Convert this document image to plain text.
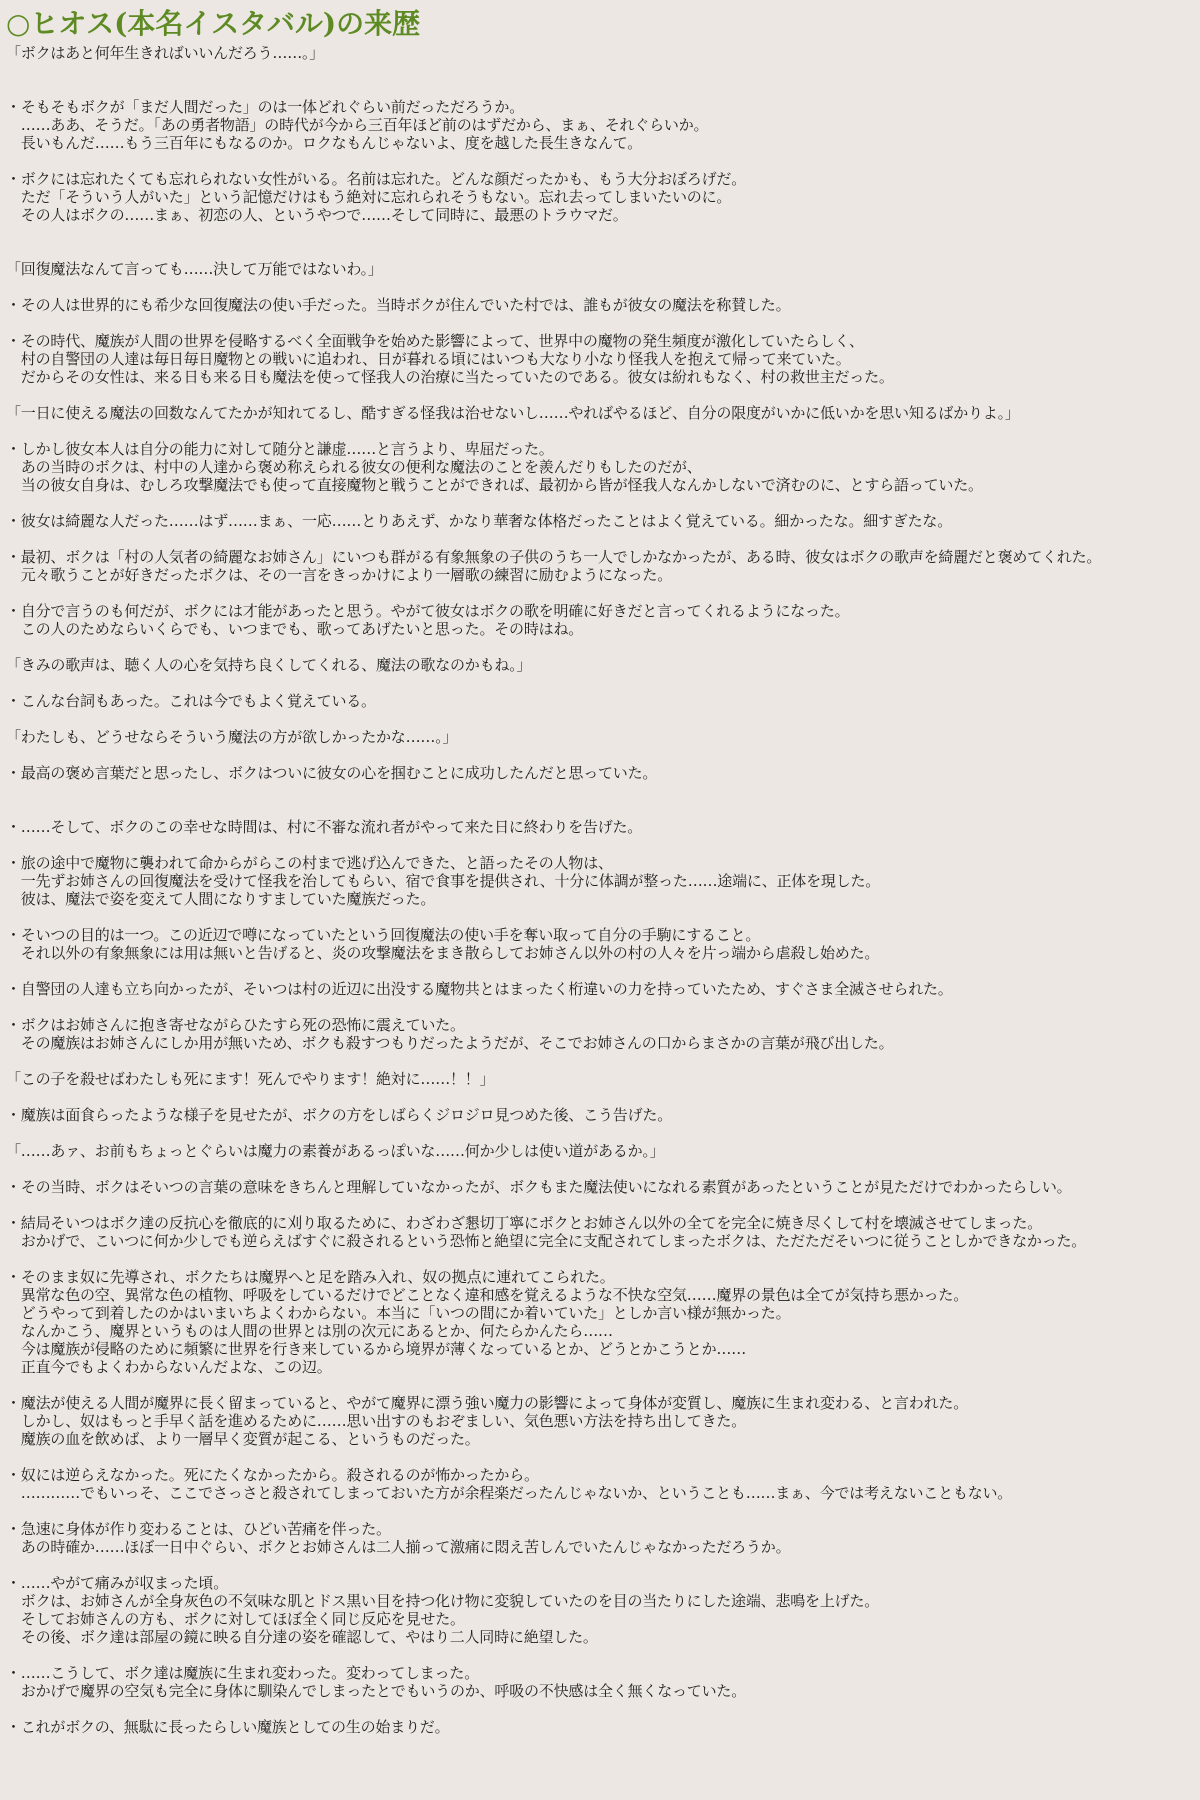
○ヒオス(本名イスタバル)の来歴
「ボクはあと何年生きればいいんだろう……。」
・そもそもボクが「まだ人間だった」のは一体どれぐらい前だっただろうか。
　……ああ、そうだ。「あの勇者物語」の時代が今から三百年ほど前のはずだから、まぁ、それぐらいか。
　長いもんだ……もう三百年にもなるのか。ロクなもんじゃないよ、度を越した長生きなんて。
・ボクには忘れたくても忘れられない女性がいる。名前は忘れた。どんな顔だったかも、もう大分おぼろげだ。
　ただ「そういう人がいた」という記憶だけはもう絶対に忘れられそうもない。忘れ去ってしまいたいのに。
　その人はボクの……まぁ、初恋の人、というやつで……そして同時に、最悪のトラウマだ。
「回復魔法なんて言っても……決して万能ではないわ。」
・その人は世界的にも希少な回復魔法の使い手だった。当時ボクが住んでいた村では、誰もが彼女の魔法を称賛した。
・その時代、魔族が人間の世界を侵略するべく全面戦争を始めた影響によって、世界中の魔物の発生頻度が激化していたらしく、
　村の自警団の人達は毎日毎日魔物との戦いに追われ、日が暮れる頃にはいつも大なり小なり怪我人を抱えて帰って来ていた。
　だからその女性は、来る日も来る日も魔法を使って怪我人の治療に当たっていたのである。彼女は紛れもなく、村の救世主だった。
「一日に使える魔法の回数なんてたかが知れてるし、酷すぎる怪我は治せないし……やればやるほど、自分の限度がいかに低いかを思い知るばかりよ。」
・しかし彼女本人は自分の能力に対して随分と謙虚……と言うより、卑屈だった。
　あの当時のボクは、村中の人達から褒め称えられる彼女の便利な魔法のことを羨んだりもしたのだが、
　当の彼女自身は、むしろ攻撃魔法でも使って直接魔物と戦うことができれば、最初から皆が怪我人なんかしないで済むのに、とすら語っていた。
・彼女は綺麗な人だった……はず……まぁ、一応……とりあえず、かなり華奢な体格だったことはよく覚えている。細かったな。細すぎたな。
・最初、ボクは「村の人気者の綺麗なお姉さん」にいつも群がる有象無象の子供のうち一人でしかなかったが、ある時、彼女はボクの歌声を綺麗だと褒めてくれた。
　元々歌うことが好きだったボクは、その一言をきっかけにより一層歌の練習に励むようになった。
・自分で言うのも何だが、ボクには才能があったと思う。やがて彼女はボクの歌を明確に好きだと言ってくれるようになった。
　この人のためならいくらでも、いつまでも、歌ってあげたいと思った。その時はね。
「きみの歌声は、聴く人の心を気持ち良くしてくれる、魔法の歌なのかもね。」
・こんな台詞もあった。これは今でもよく覚えている。
「わたしも、どうせならそういう魔法の方が欲しかったかな……。」
・最高の褒め言葉だと思ったし、ボクはついに彼女の心を掴むことに成功したんだと思っていた。
・……そして、ボクのこの幸せな時間は、村に不審な流れ者がやって来た日に終わりを告げた。
・旅の途中で魔物に襲われて命からがらこの村まで逃げ込んできた、と語ったその人物は、
　一先ずお姉さんの回復魔法を受けて怪我を治してもらい、宿で食事を提供され、十分に体調が整った……途端に、正体を現した。
　彼は、魔法で姿を変えて人間になりすましていた魔族だった。
・そいつの目的は一つ。この近辺で噂になっていたという回復魔法の使い手を奪い取って自分の手駒にすること。
　それ以外の有象無象には用は無いと告げると、炎の攻撃魔法をまき散らしてお姉さん以外の村の人々を片っ端から虐殺し始めた。
・自警団の人達も立ち向かったが、そいつは村の近辺に出没する魔物共とはまったく桁違いの力を持っていたため、すぐさま全滅させられた。
・ボクはお姉さんに抱き寄せながらひたすら死の恐怖に震えていた。
　その魔族はお姉さんにしか用が無いため、ボクも殺すつもりだったようだが、そこでお姉さんの口からまさかの言葉が飛び出した。
「この子を殺せばわたしも死にます！死んでやります！絶対に……！！」
・魔族は面食らったような様子を見せたが、ボクの方をしばらくジロジロ見つめた後、こう告げた。
「……あァ、お前もちょっとぐらいは魔力の素養があるっぽいな……何か少しは使い道があるか。」
・その当時、ボクはそいつの言葉の意味をきちんと理解していなかったが、ボクもまた魔法使いになれる素質があったということが見ただけでわかったらしい。
・結局そいつはボク達の反抗心を徹底的に刈り取るために、わざわざ懇切丁寧にボクとお姉さん以外の全てを完全に焼き尽くして村を壊滅させてしまった。
　おかげで、こいつに何か少しでも逆らえばすぐに殺されるという恐怖と絶望に完全に支配されてしまったボクは、ただただそいつに従うことしかできなかった。
・そのまま奴に先導され、ボクたちは魔界へと足を踏み入れ、奴の拠点に連れてこられた。
　異常な色の空、異常な色の植物、呼吸をしているだけでどことなく違和感を覚えるような不快な空気……魔界の景色は全てが気持ち悪かった。
　どうやって到着したのかはいまいちよくわからない。本当に「いつの間にか着いていた」としか言い様が無かった。
　なんかこう、魔界というものは人間の世界とは別の次元にあるとか、何たらかんたら……
　今は魔族が侵略のために頻繁に世界を行き来しているから境界が薄くなっているとか、どうとかこうとか……
　正直今でもよくわからないんだよな、この辺。
・魔法が使える人間が魔界に長く留まっていると、やがて魔界に漂う強い魔力の影響によって身体が変質し、魔族に生まれ変わる、と言われた。
　しかし、奴はもっと手早く話を進めるために……思い出すのもおぞましい、気色悪い方法を持ち出してきた。
　魔族の血を飲めば、より一層早く変質が起こる、というものだった。
・奴には逆らえなかった。死にたくなかったから。殺されるのが怖かったから。
　…………でもいっそ、ここでさっさと殺されてしまっておいた方が余程楽だったんじゃないか、ということも……まぁ、今では考えないこともない。
・急速に身体が作り変わることは、ひどい苦痛を伴った。
　あの時確か……ほぼ一日中ぐらい、ボクとお姉さんは二人揃って激痛に悶え苦しんでいたんじゃなかっただろうか。
・……やがて痛みが収まった頃。
　ボクは、お姉さんが全身灰色の不気味な肌とドス黒い目を持つ化け物に変貌していたのを目の当たりにした途端、悲鳴を上げた。
　そしてお姉さんの方も、ボクに対してほぼ全く同じ反応を見せた。
　その後、ボク達は部屋の鏡に映る自分達の姿を確認して、やはり二人同時に絶望した。
・……こうして、ボク達は魔族に生まれ変わった。変わってしまった。
　おかげで魔界の空気も完全に身体に馴染んでしまったとでもいうのか、呼吸の不快感は全く無くなっていた。
・これがボクの、無駄に長ったらしい魔族としての生の始まりだ。
